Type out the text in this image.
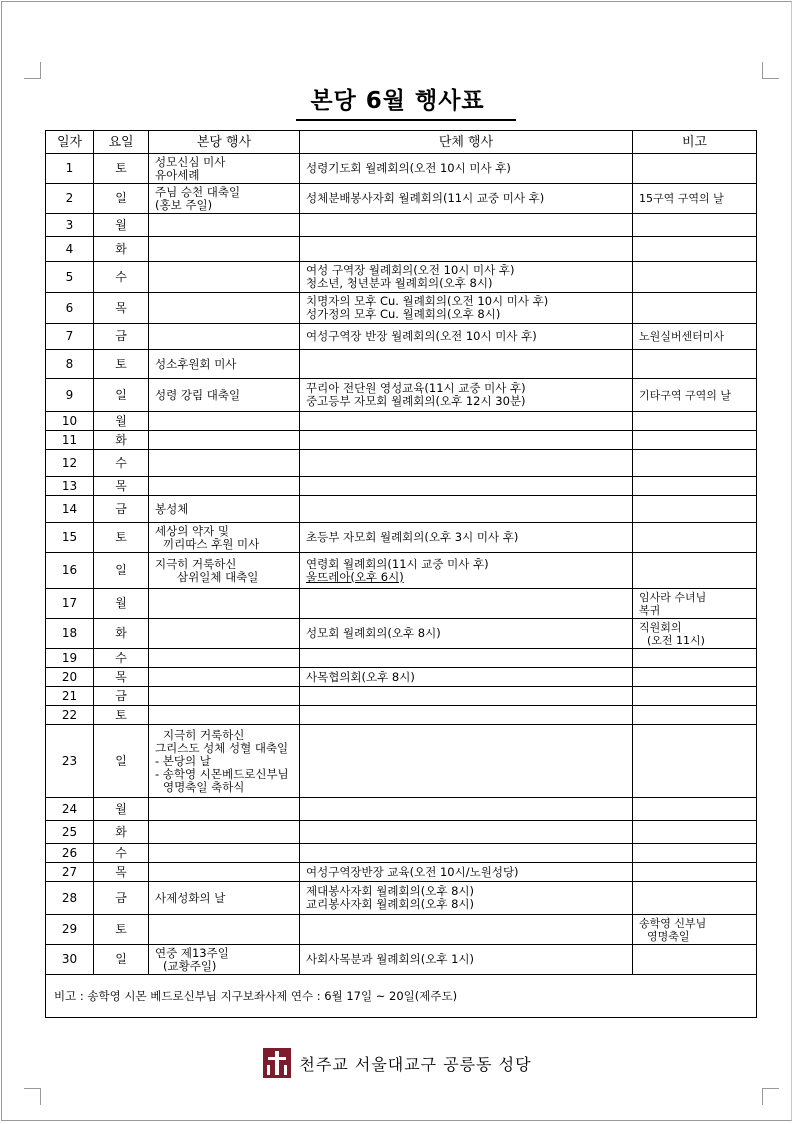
본당 6월 행사표
일자	요일	본당 행사	단체 행사	비고
1	토	성모신심 미사
유아세례	성령기도회 월례회의(오전 10시 미사 후)	

2	일	주님 승천 대축일
(홍보 주일)	성체분배봉사자회 월례회의(11시 교중 미사 후)	15구역 구역의 날

3	월			
4	화			
5	수		여성 구역장 월례회의(오전 10시 미사 후)
청소년, 청년분과 월례회의(오후 8시)	

6	목		치명자의 모후 Cu. 월례회의(오전 10시 미사 후)
성가정의 모후 Cu. 월례회의(오후 8시)	

7	금		여성구역장 반장 월례회의(오전 10시 미사 후)	노원실버센터미사

8	토	성소후원회 미사		

9	일	성령 강림 대축일	꾸리아 전단원 영성교육(11시 교중 미사 후)
중고등부 자모회 월례회의(오후 12시 30분)	기타구역 구역의 날

10	월			
11	화			
12	수			
13	목			
14	금	봉성체		

15	토	세상의 약자 및
끼리따스 후원 미사	초등부 자모회 월례회의(오후 3시 미사 후)	

16	일	지극히 거룩하신
삼위일체 대축일	연령회 월례회의(11시 교중 미사 후)
울뜨레아(오후 6시)	

17	월			임사라 수녀님
복귀

18	화		성모회 월례회의(오후 8시)	직원회의
(오전 11시)

19	수			
20	목		사목협의회(오후 8시)	

21	금			
22	토			
23	일	지극히 거룩하신
그리스도 성체 성혈 대축일
- 본당의 날
- 송학영 시몬베드로신부님
영명축일 축하식		

24	월			
25	화			
26	수			
27	목		여성구역장반장 교육(오전 10시/노원성당)	

28	금	사제성화의 날	제대봉사자회 월례회의(오후 8시)
교리봉사자회 월례회의(오후 8시)	

29	토			송학영 신부님
영명축일

30	일	연중 제13주일
(교황주일)	사회사목분과 월례회의(오후 1시)	

비고 : 송학영 시몬 베드로신부님 지구보좌사제 연수 : 6월 17일 ~ 20일(제주도)				
천주교 서울대교구 공릉동 성당
